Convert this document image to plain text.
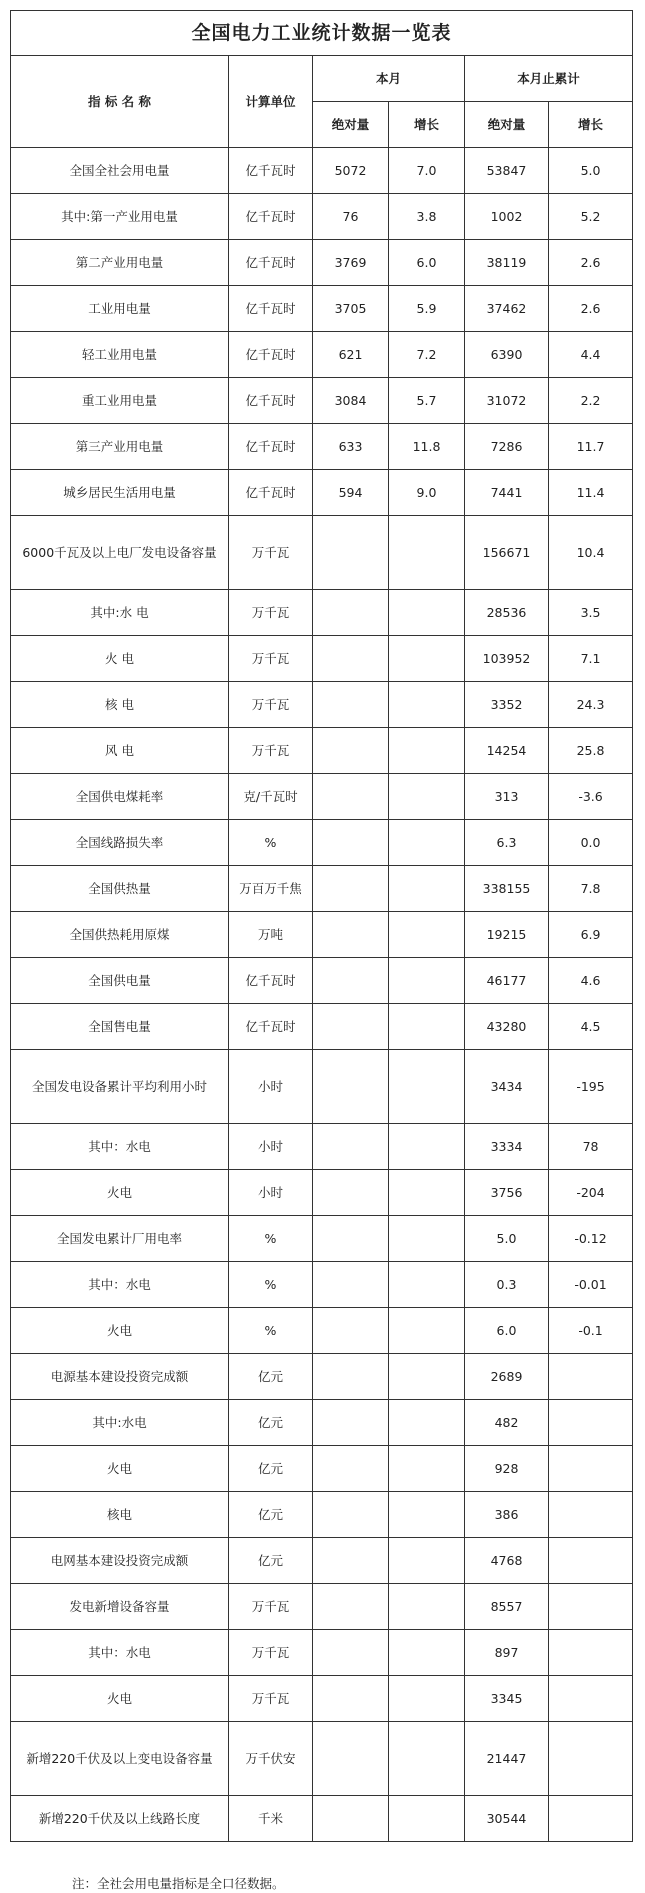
全国电力工业统计数据一览表					
指 标 名 称	计算单位	本月		本月止累计	
		绝对量	增长	绝对量	增长
全国全社会用电量	亿千瓦时	5072	7.0	53847	5.0
其中:第一产业用电量	亿千瓦时	76	3.8	1002	5.2
第二产业用电量	亿千瓦时	3769	6.0	38119	2.6
工业用电量	亿千瓦时	3705	5.9	37462	2.6
轻工业用电量	亿千瓦时	621	7.2	6390	4.4
重工业用电量	亿千瓦时	3084	5.7	31072	2.2
第三产业用电量	亿千瓦时	633	11.8	7286	11.7
城乡居民生活用电量	亿千瓦时	594	9.0	7441	11.4
6000千瓦及以上电厂发电设备容量	万千瓦			156671	10.4
其中:水 电	万千瓦			28536	3.5
火 电	万千瓦			103952	7.1
核 电	万千瓦			3352	24.3
风 电	万千瓦			14254	25.8
全国供电煤耗率	克/千瓦时			313	-3.6
全国线路损失率	%			6.3	0.0
全国供热量	万百万千焦			338155	7.8
全国供热耗用原煤	万吨			19215	6.9
全国供电量	亿千瓦时			46177	4.6
全国售电量	亿千瓦时			43280	4.5
全国发电设备累计平均利用小时	小时			3434	-195
其中：水电	小时			3334	78
火电	小时			3756	-204
全国发电累计厂用电率	%			5.0	-0.12
其中：水电	%			0.3	-0.01
火电	%			6.0	-0.1
电源基本建设投资完成额	亿元			2689	
其中:水电	亿元			482	
火电	亿元			928	
核电	亿元			386	
电网基本建设投资完成额	亿元			4768	
发电新增设备容量	万千瓦			8557	
其中：水电	万千瓦			897	
火电	万千瓦			3345	
新增220千伏及以上变电设备容量	万千伏安			21447	
新增220千伏及以上线路长度	千米			30544	
注：全社会用电量指标是全口径数据。
